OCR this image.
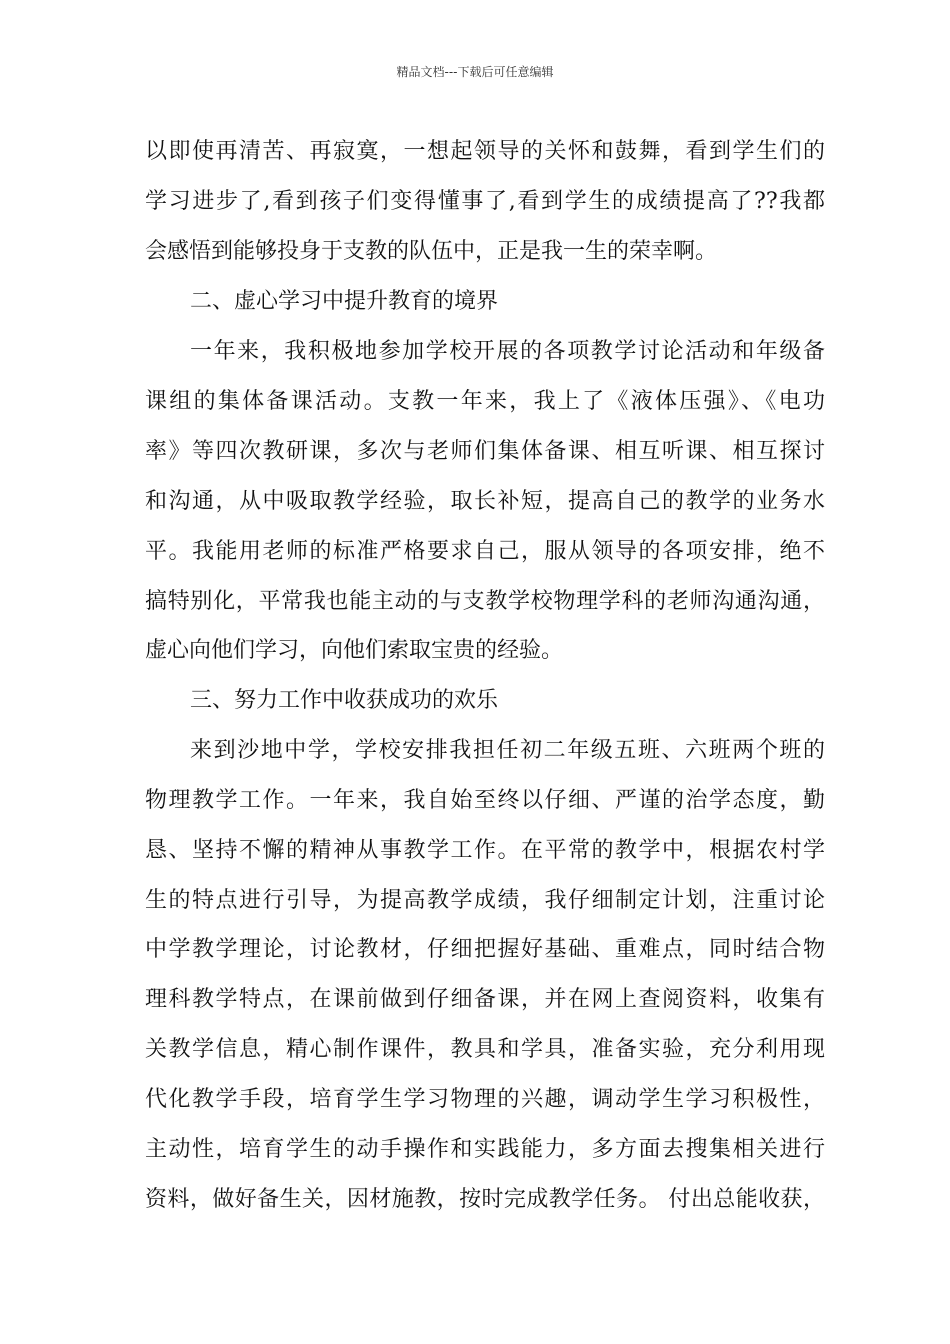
精品文档---下载后可任意编辑
以即使再清苦、再寂寞，一想起领导的关怀和鼓舞，看到学生们的
学习进步了,看到孩子们变得懂事了,看到学生的成绩提高了??我都
会感悟到能够投身于支教的队伍中，正是我一生的荣幸啊。
二、虚心学习中提升教育的境界
一年来，我积极地参加学校开展的各项教学讨论活动和年级备
课组的集体备课活动。支教一年来，我上了《液体压强》、《电功
率》等四次教研课，多次与老师们集体备课、相互听课、相互探讨
和沟通，从中吸取教学经验，取长补短，提高自己的教学的业务水
平。我能用老师的标准严格要求自己，服从领导的各项安排，绝不
搞特别化，平常我也能主动的与支教学校物理学科的老师沟通沟通，
虚心向他们学习，向他们索取宝贵的经验。
三、努力工作中收获成功的欢乐
来到沙地中学，学校安排我担任初二年级五班、六班两个班的
物理教学工作。一年来，我自始至终以仔细、严谨的治学态度，勤
恳、坚持不懈的精神从事教学工作。在平常的教学中，根据农村学
生的特点进行引导，为提高教学成绩，我仔细制定计划，注重讨论
中学教学理论，讨论教材，仔细把握好基础、重难点，同时结合物
理科教学特点，在课前做到仔细备课，并在网上查阅资料，收集有
关教学信息，精心制作课件，教具和学具，准备实验，充分利用现
代化教学手段，培育学生学习物理的兴趣，调动学生学习积极性，
主动性，培育学生的动手操作和实践能力，多方面去搜集相关进行
资料，做好备生关，因材施教，按时完成教学任务。 付出总能收获，
